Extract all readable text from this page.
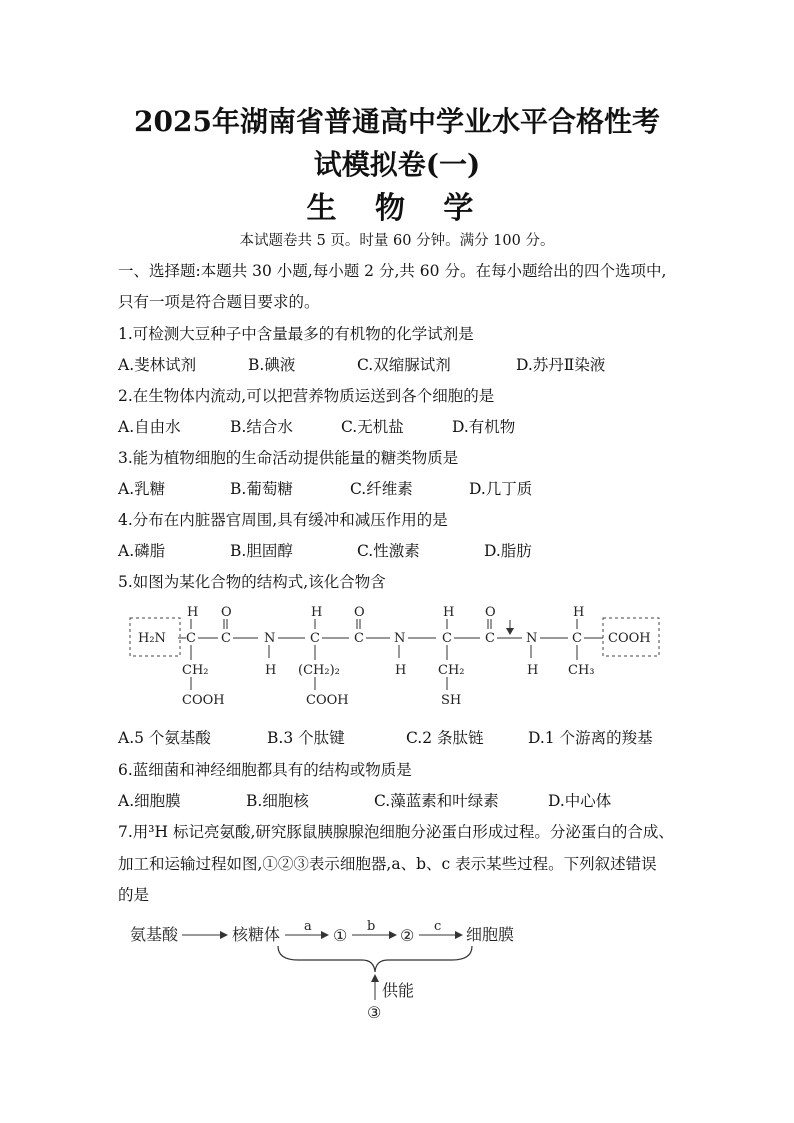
2025年湖南省普通高中学业水平合格性考
试模拟卷(一)
生 物 学
本试题卷共 5 页。时量 60 分钟。满分 100 分。
一、选择题:本题共 30 小题,每小题 2 分,共 60 分。在每小题给出的四个选项中,
只有一项是符合题目要求的。
1.可检测大豆种子中含量最多的有机物的化学试剂是
A.斐林试剂	B.碘液	C.双缩脲试剂	D.苏丹Ⅱ染液
2.在生物体内流动,可以把营养物质运送到各个细胞的是
A.自由水	B.结合水	C.无机盐	D.有机物
3.能为植物细胞的生命活动提供能量的糖类物质是
A.乳糖	B.葡萄糖	C.纤维素	D.几丁质
4.分布在内脏器官周围,具有缓冲和减压作用的是
A.磷脂	B.胆固醇	C.性激素	D.脂肪
5.如图为某化合物的结构式,该化合物含
H₂N	COOH
C C	N	C	C N	C	C N	C
H O	H O	H O	H
CH₂
COOH
H (CH₂)₂
COOH
H CH₂
SH
H CH₃
A.5 个氨基酸	B.3 个肽键	C.2 条肽链	D.1 个游离的羧基
6.蓝细菌和神经细胞都具有的结构或物质是
A.细胞膜	B.细胞核	C.藻蓝素和叶绿素	D.中心体
7.用³H 标记亮氨酸,研究豚鼠胰腺腺泡细胞分泌蛋白形成过程。分泌蛋白的合成、
加工和运输过程如图,①②③表示细胞器,a、b、c 表示某些过程。下列叙述错误
的是
氨基酸	核糖体 a ① b ② c 细胞膜
供能
③
